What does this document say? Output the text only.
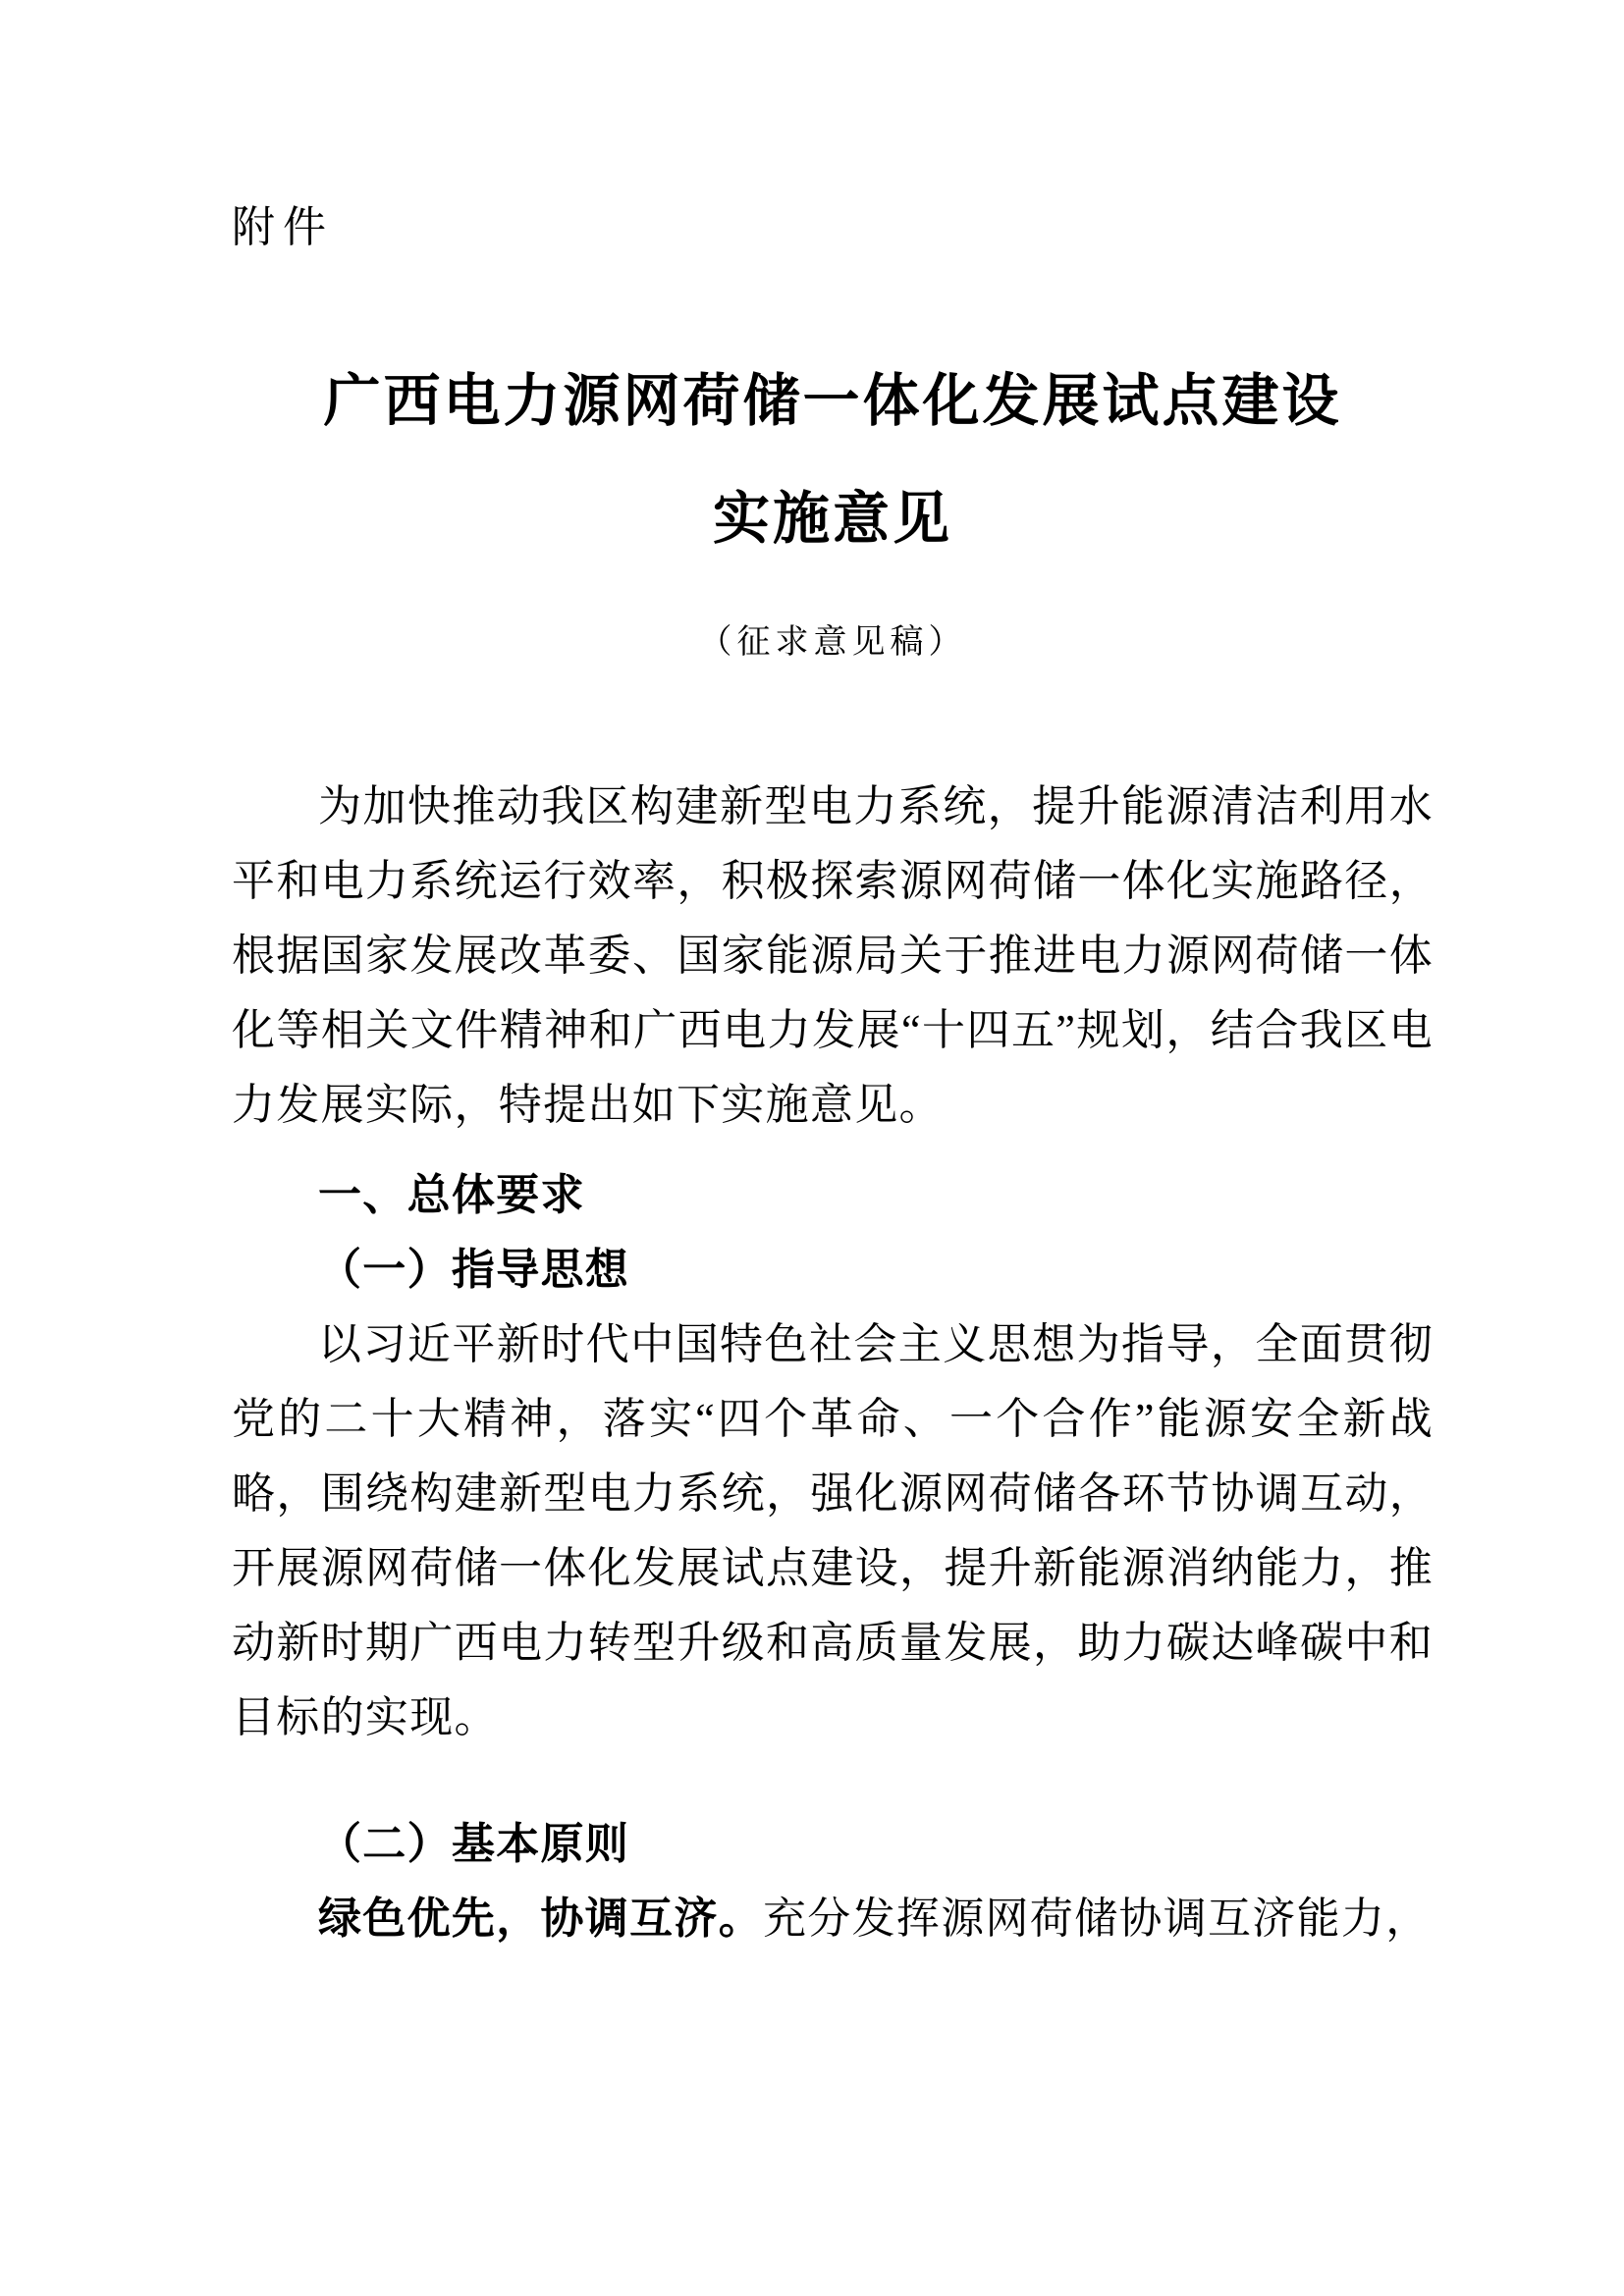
附件
广西电力源网荷储一体化发展试点建设
实施意见
（征求意见稿）

为加快推动我区构建新型电力系统，提升能源清洁利用水平和电力系统运行效率，积极探索源网荷储一体化实施路径，根据国家发展改革委、国家能源局关于推进电力源网荷储一体化等相关文件精神和广西电力发展“十四五”规划，结合我区电力发展实际，特提出如下实施意见。

一、总体要求

（一）指导思想

以习近平新时代中国特色社会主义思想为指导，全面贯彻党的二十大精神，落实“四个革命、一个合作”能源安全新战略，围绕构建新型电力系统，强化源网荷储各环节协调互动，开展源网荷储一体化发展试点建设，提升新能源消纳能力，推动新时期广西电力转型升级和高质量发展，助力碳达峰碳中和目标的实现。

（二）基本原则

绿色优先，协调互济。充分发挥源网荷储协调互济能力，
